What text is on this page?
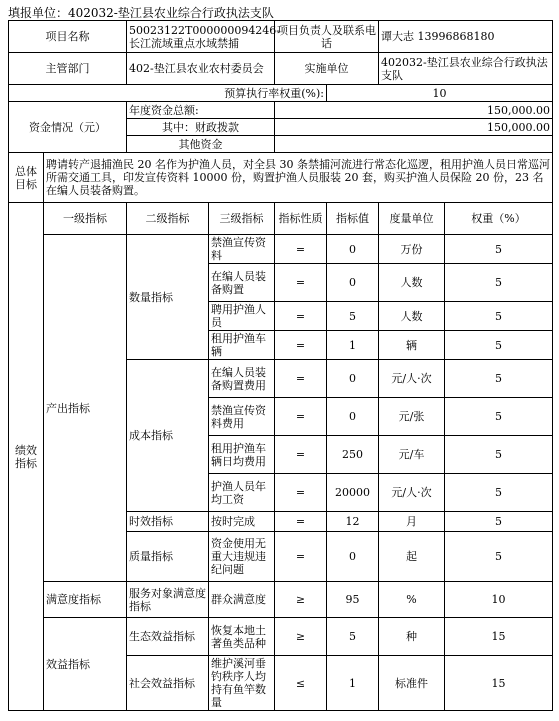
填报单位：402032-垫江县农业综合行政执法支队
项目名称		50023122T000000094246-长江流域重点水域禁捕		项目负责人及联系电话		谭大志 13996868180	
主管部门		402-垫江县农业农村委员会		实施单位		402032-垫江县农业综合行政执法支队	
预算执行率权重(%):					10		
资金情况（元）		年度资金总额:		150,000.00			
		其中：财政拨款		150,000.00			
		其他资金					
总体目标	聘请转产退捕渔民 20 名作为护渔人员，对全县 30 条禁捕河流进行常态化巡逻，租用护渔人员日常巡河所需交通工具，印发宣传资料 10000 份，购置护渔人员服装 20 套，购买护渔人员保险 20 份，23 名在编人员装备购置。						
绩效指标	一级指标	二级指标	三级指标	指标性质	指标值	度量单位	权重（%）
	产出指标	数量指标	禁渔宣传资料	=	0	万份	5
			在编人员装备购置	=	0	人数	5
			聘用护渔人员	=	5	人数	5
			租用护渔车辆	=	1	辆	5
		成本指标	在编人员装备购置费用	=	0	元/人·次	5
			禁渔宣传资料费用	=	0	元/张	5
			租用护渔车辆日均费用	=	250	元/车	5
			护渔人员年均工资	=	20000	元/人·次	5
		时效指标	按时完成	=	12	月	5
		质量指标	资金使用无重大违规违纪问题	=	0	起	5
	满意度指标	服务对象满意度指标	群众满意度	≥	95	%	10
	效益指标	生态效益指标	恢复本地土著鱼类品种	≥	5	种	15
		社会效益指标	维护溪河垂钓秩序人均持有鱼竿数量	≤	1	标准件	15
